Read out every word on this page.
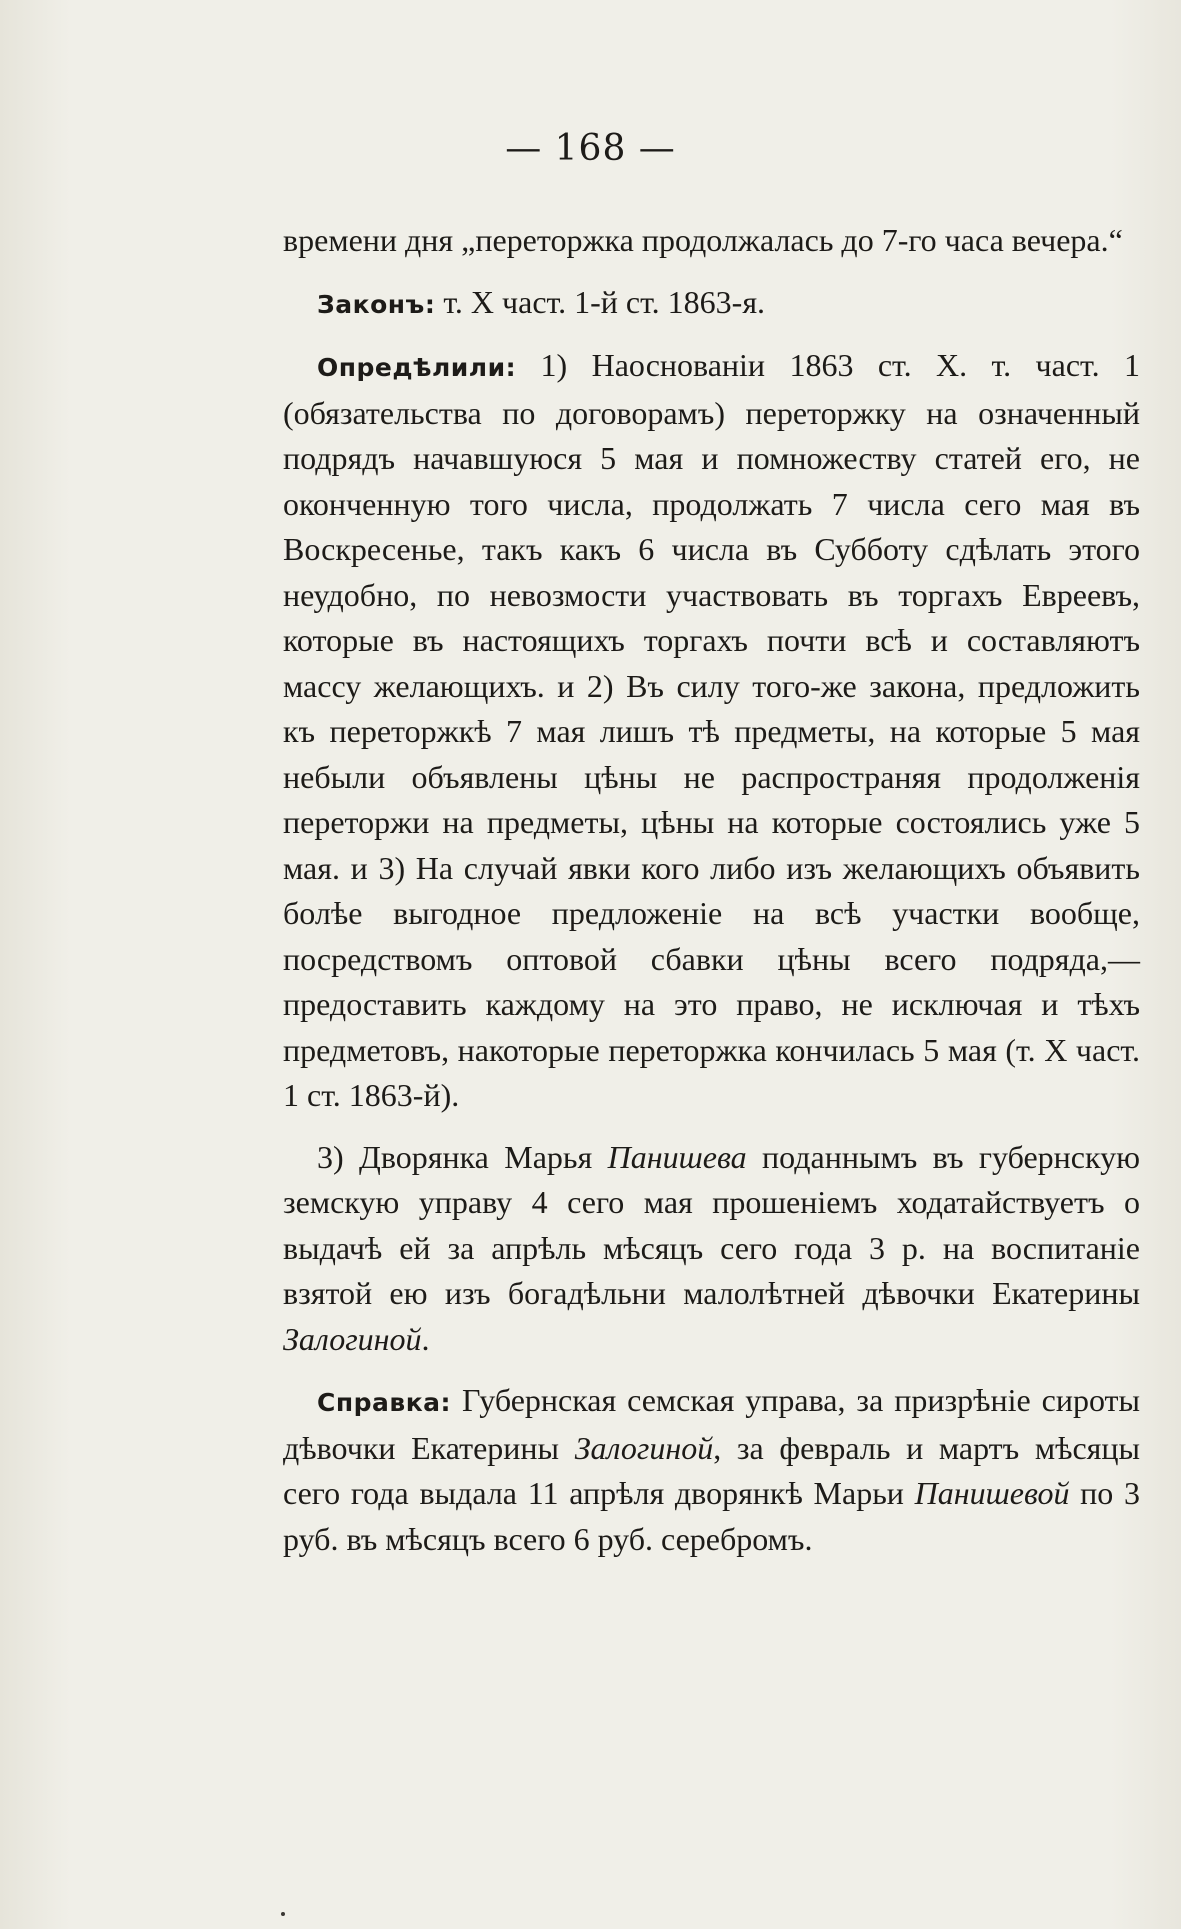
— 168 —

времени дня „переторжка продолжалась до 7-го часа вечера.“

Законъ: т. X част. 1-й ст. 1863-я.

Опредѣлили: 1) Наоснованіи 1863 ст. X. т. част. 1 (обязательства по договорамъ) переторжку на означенный подрядъ начавшуюся 5 мая и помножеству статей его, не оконченную того числа, продолжать 7 числа сего мая въ Воскресенье, такъ какъ 6 числа въ Субботу сдѣлать этого неудобно, по невозмости участвовать въ торгахъ Евреевъ, которые въ настоящихъ торгахъ почти всѣ и составляютъ массу желающихъ. и 2) Въ силу того-же закона, предложить къ переторжкѣ 7 мая лишъ тѣ предметы, на которые 5 мая небыли объявлены цѣны не распространяя продолженія переторжи на предметы, цѣны на которые состоялись уже 5 мая. и 3) На случай явки кого либо изъ желающихъ объявить болѣе выгодное предложеніе на всѣ участки вообще, посредствомъ оптовой сбавки цѣны всего подряда,— предоставить каждому на это право, не исключая и тѣхъ предметовъ, накоторые переторжка кончилась 5 мая (т. X част. 1 ст. 1863-й).

3) Дворянка Марья Панишева поданнымъ въ губернскую земскую управу 4 сего мая прошеніемъ ходатайствуетъ о выдачѣ ей за апрѣль мѣсяцъ сего года 3 р. на воспитаніе взятой ею изъ богадѣльни малолѣтней дѣвочки Екатерины Залогиной.

Справка: Губернская семская управа, за призрѣніе сироты дѣвочки Екатерины Залогиной, за февраль и мартъ мѣсяцы сего года выдала 11 апрѣля дворянкѣ Марьи Панишевой по 3 руб. въ мѣсяцъ всего 6 руб. серебромъ.
